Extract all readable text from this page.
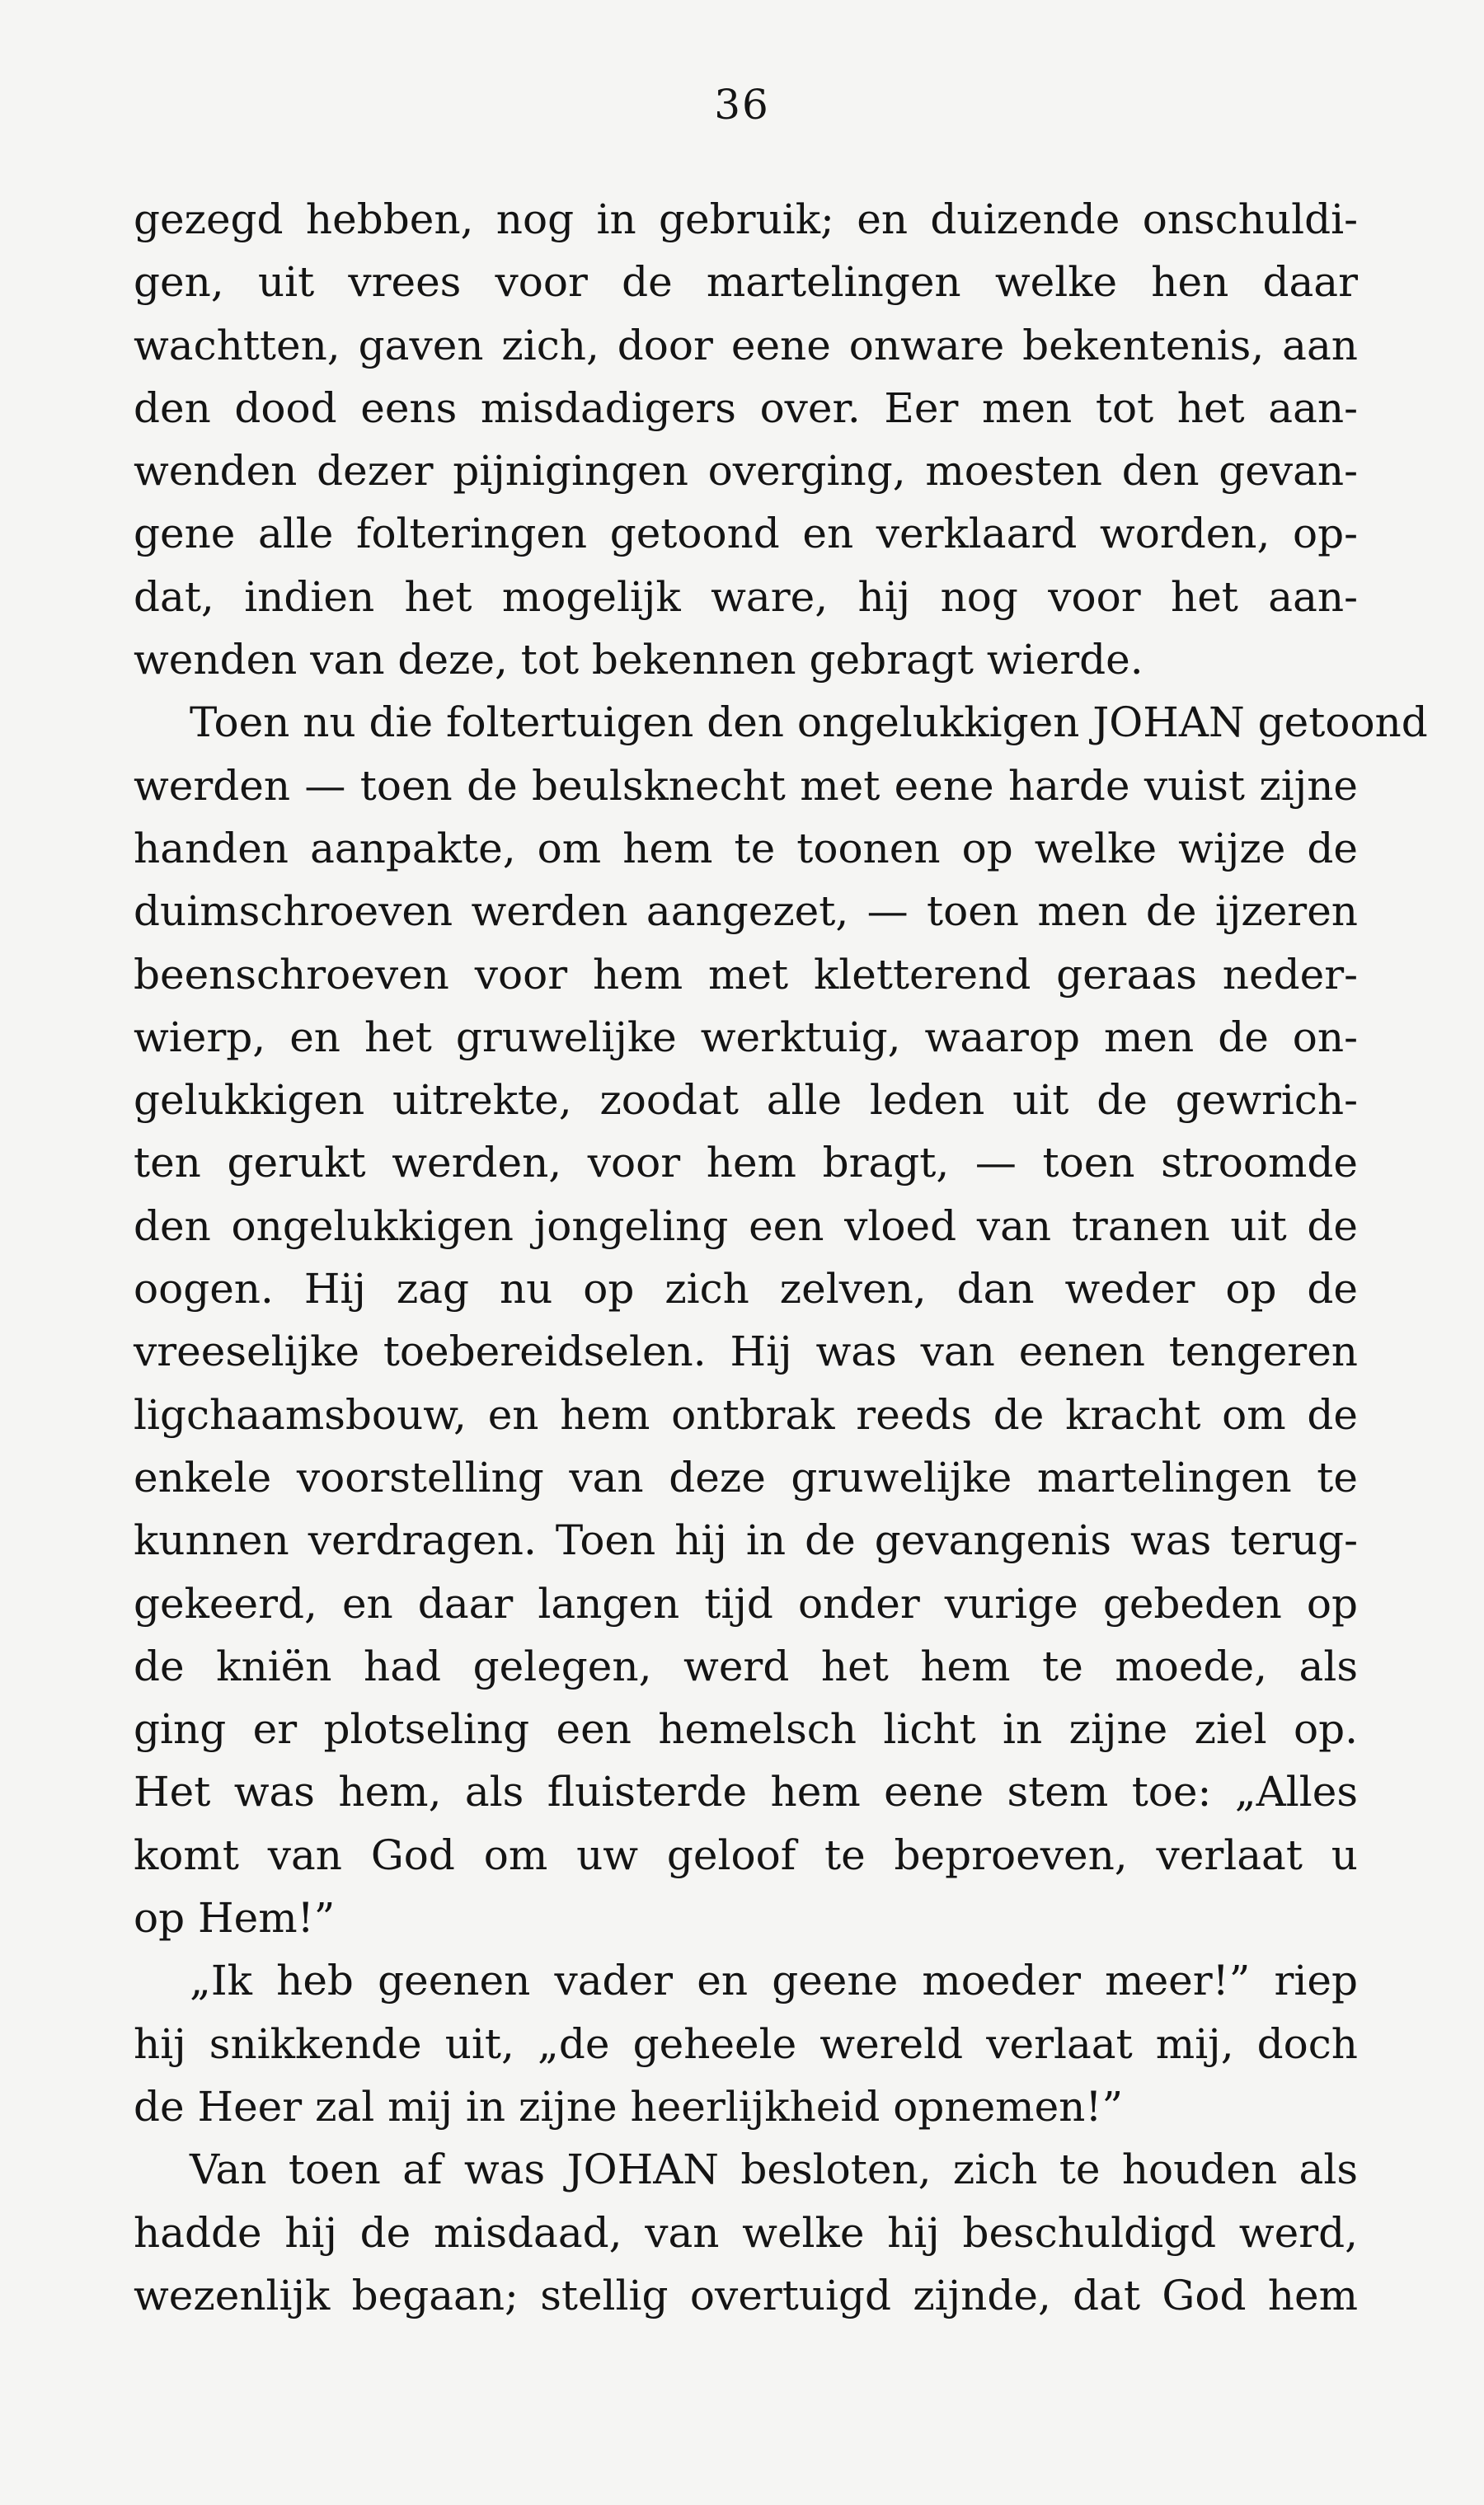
36
gezegd hebben, nog in gebruik; en duizende onschuldi-
gen, uit vrees voor de martelingen welke hen daar
wachtten, gaven zich, door eene onware bekentenis, aan
den dood eens misdadigers over. Eer men tot het aan-
wenden dezer pijnigingen overging, moesten den gevan-
gene alle folteringen getoond en verklaard worden, op-
dat, indien het mogelijk ware, hij nog voor het aan-
wenden van deze, tot bekennen gebragt wierde.
Toen nu die foltertuigen den ongelukkigen JOHAN getoond
werden — toen de beulsknecht met eene harde vuist zijne
handen aanpakte, om hem te toonen op welke wijze de
duimschroeven werden aangezet, — toen men de ijzeren
beenschroeven voor hem met kletterend geraas neder-
wierp, en het gruwelijke werktuig, waarop men de on-
gelukkigen uitrekte, zoodat alle leden uit de gewrich-
ten gerukt werden, voor hem bragt, — toen stroomde
den ongelukkigen jongeling een vloed van tranen uit de
oogen. Hij zag nu op zich zelven, dan weder op de
vreeselijke toebereidselen. Hij was van eenen tengeren
ligchaamsbouw, en hem ontbrak reeds de kracht om de
enkele voorstelling van deze gruwelijke martelingen te
kunnen verdragen. Toen hij in de gevangenis was terug-
gekeerd, en daar langen tijd onder vurige gebeden op
de kniën had gelegen, werd het hem te moede, als
ging er plotseling een hemelsch licht in zijne ziel op.
Het was hem, als fluisterde hem eene stem toe: „Alles
komt van God om uw geloof te beproeven, verlaat u
op Hem!”
„Ik heb geenen vader en geene moeder meer!” riep
hij snikkende uit, „de geheele wereld verlaat mij, doch
de Heer zal mij in zijne heerlijkheid opnemen!”
Van toen af was JOHAN besloten, zich te houden als
hadde hij de misdaad, van welke hij beschuldigd werd,
wezenlijk begaan; stellig overtuigd zijnde, dat God hem
